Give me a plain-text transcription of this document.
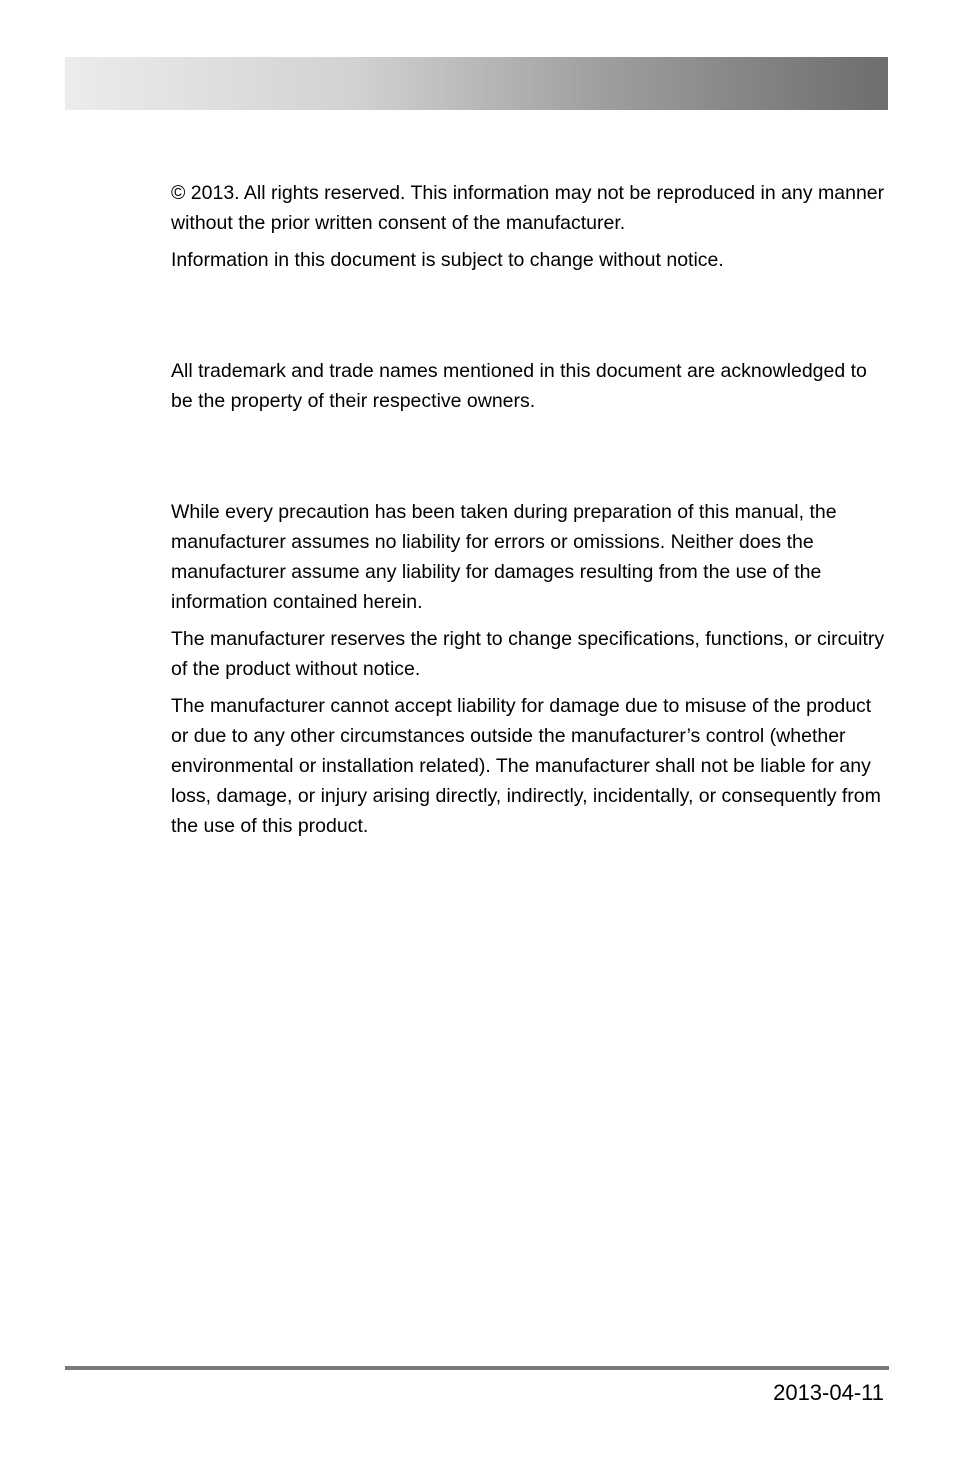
© 2013. All rights reserved. This information may not be reproduced in any manner without the prior written consent of the manufacturer.

Information in this document is subject to change without notice.

All trademark and trade names mentioned in this document are acknowledged to be the property of their respective owners.

While every precaution has been taken during preparation of this manual, the manufacturer assumes no liability for errors or omissions. Neither does the manufacturer assume any liability for damages resulting from the use of the information contained herein.

The manufacturer reserves the right to change specifications, functions, or circuitry of the product without notice.

The manufacturer cannot accept liability for damage due to misuse of the product or due to any other circumstances outside the manufacturer’s control (whether environmental or installation related). The manufacturer shall not be liable for any loss, damage, or injury arising directly, indirectly, incidentally, or consequently from the use of this product.

2013-04-11
